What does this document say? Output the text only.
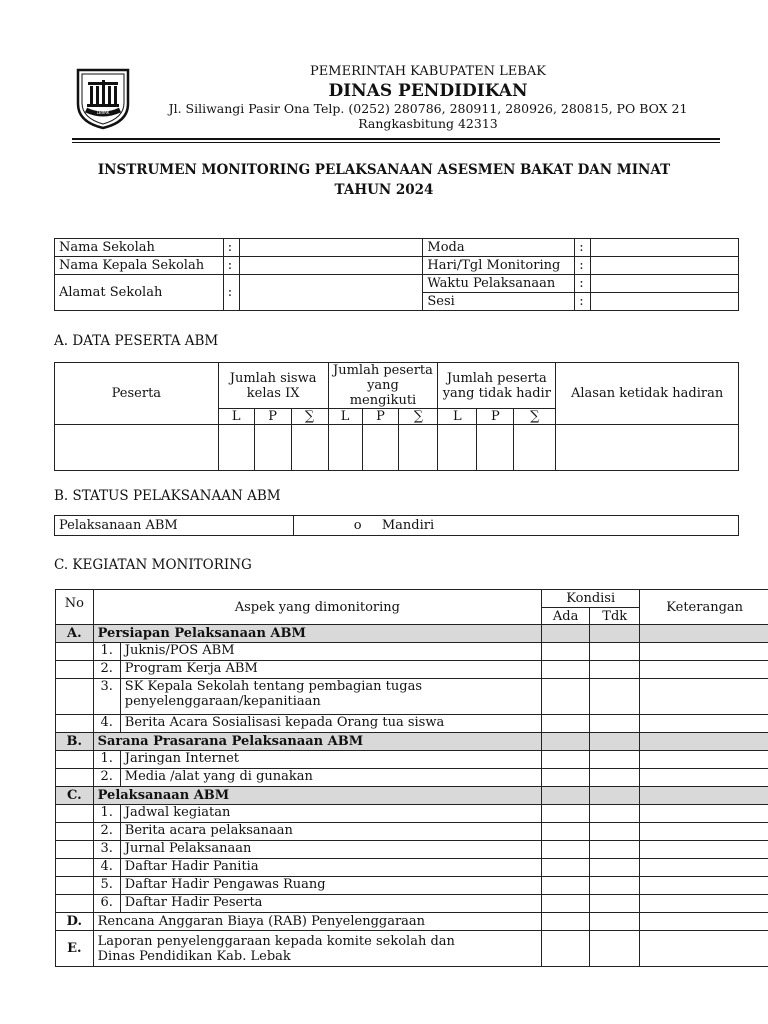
LEBAK
PEMERINTAH KABUPATEN LEBAK
DINAS PENDIDIKAN
Jl. Siliwangi Pasir Ona Telp. (0252) 280786, 280911, 280926, 280815, PO BOX 21
Rangkasbitung 42313
INSTRUMEN MONITORING PELAKSANAAN ASESMEN BAKAT DAN MINAT
TAHUN 2024
Nama Sekolah	:		Moda	:	
Nama Kepala Sekolah	:		Hari/Tgl Monitoring	:	
Alamat Sekolah	:		Waktu Pelaksanaan	:	
			Sesi	:	
A. DATA PESERTA ABM
Peserta	Jumlah siswa kelas IX			Jumlah peserta yang mengikuti			Jumlah peserta yang tidak hadir			Alasan ketidak hadiran
	L	P	∑	L	P	∑	L	P	∑	

B. STATUS PELAKSANAAN ABM
Pelaksanaan ABM	o Mandiri
C. KEGIATAN MONITORING
No	Aspek yang dimonitoring		Kondisi		Keterangan
			Ada	Tdk	
A.	Persiapan Pelaksanaan ABM				
	1.	Juknis/POS ABM			
	2.	Program Kerja ABM			
	3.	SK Kepala Sekolah tentang pembagian tugas
penyelenggaraan/kepanitiaan			
	4.	Berita Acara Sosialisasi kepada Orang tua siswa			
B.	Sarana Prasarana Pelaksanaan ABM				
	1.	Jaringan Internet			
	2.	Media /alat yang di gunakan			
C.	Pelaksanaan ABM				
	1.	Jadwal kegiatan			
	2.	Berita acara pelaksanaan			
	3.	Jurnal Pelaksanaan			
	4.	Daftar Hadir Panitia			
	5.	Daftar Hadir Pengawas Ruang			
	6.	Daftar Hadir Peserta			
D.	Rencana Anggaran Biaya (RAB) Penyelenggaraan				
E.	Laporan penyelenggaraan kepada komite sekolah dan
Dinas Pendidikan Kab. Lebak				
